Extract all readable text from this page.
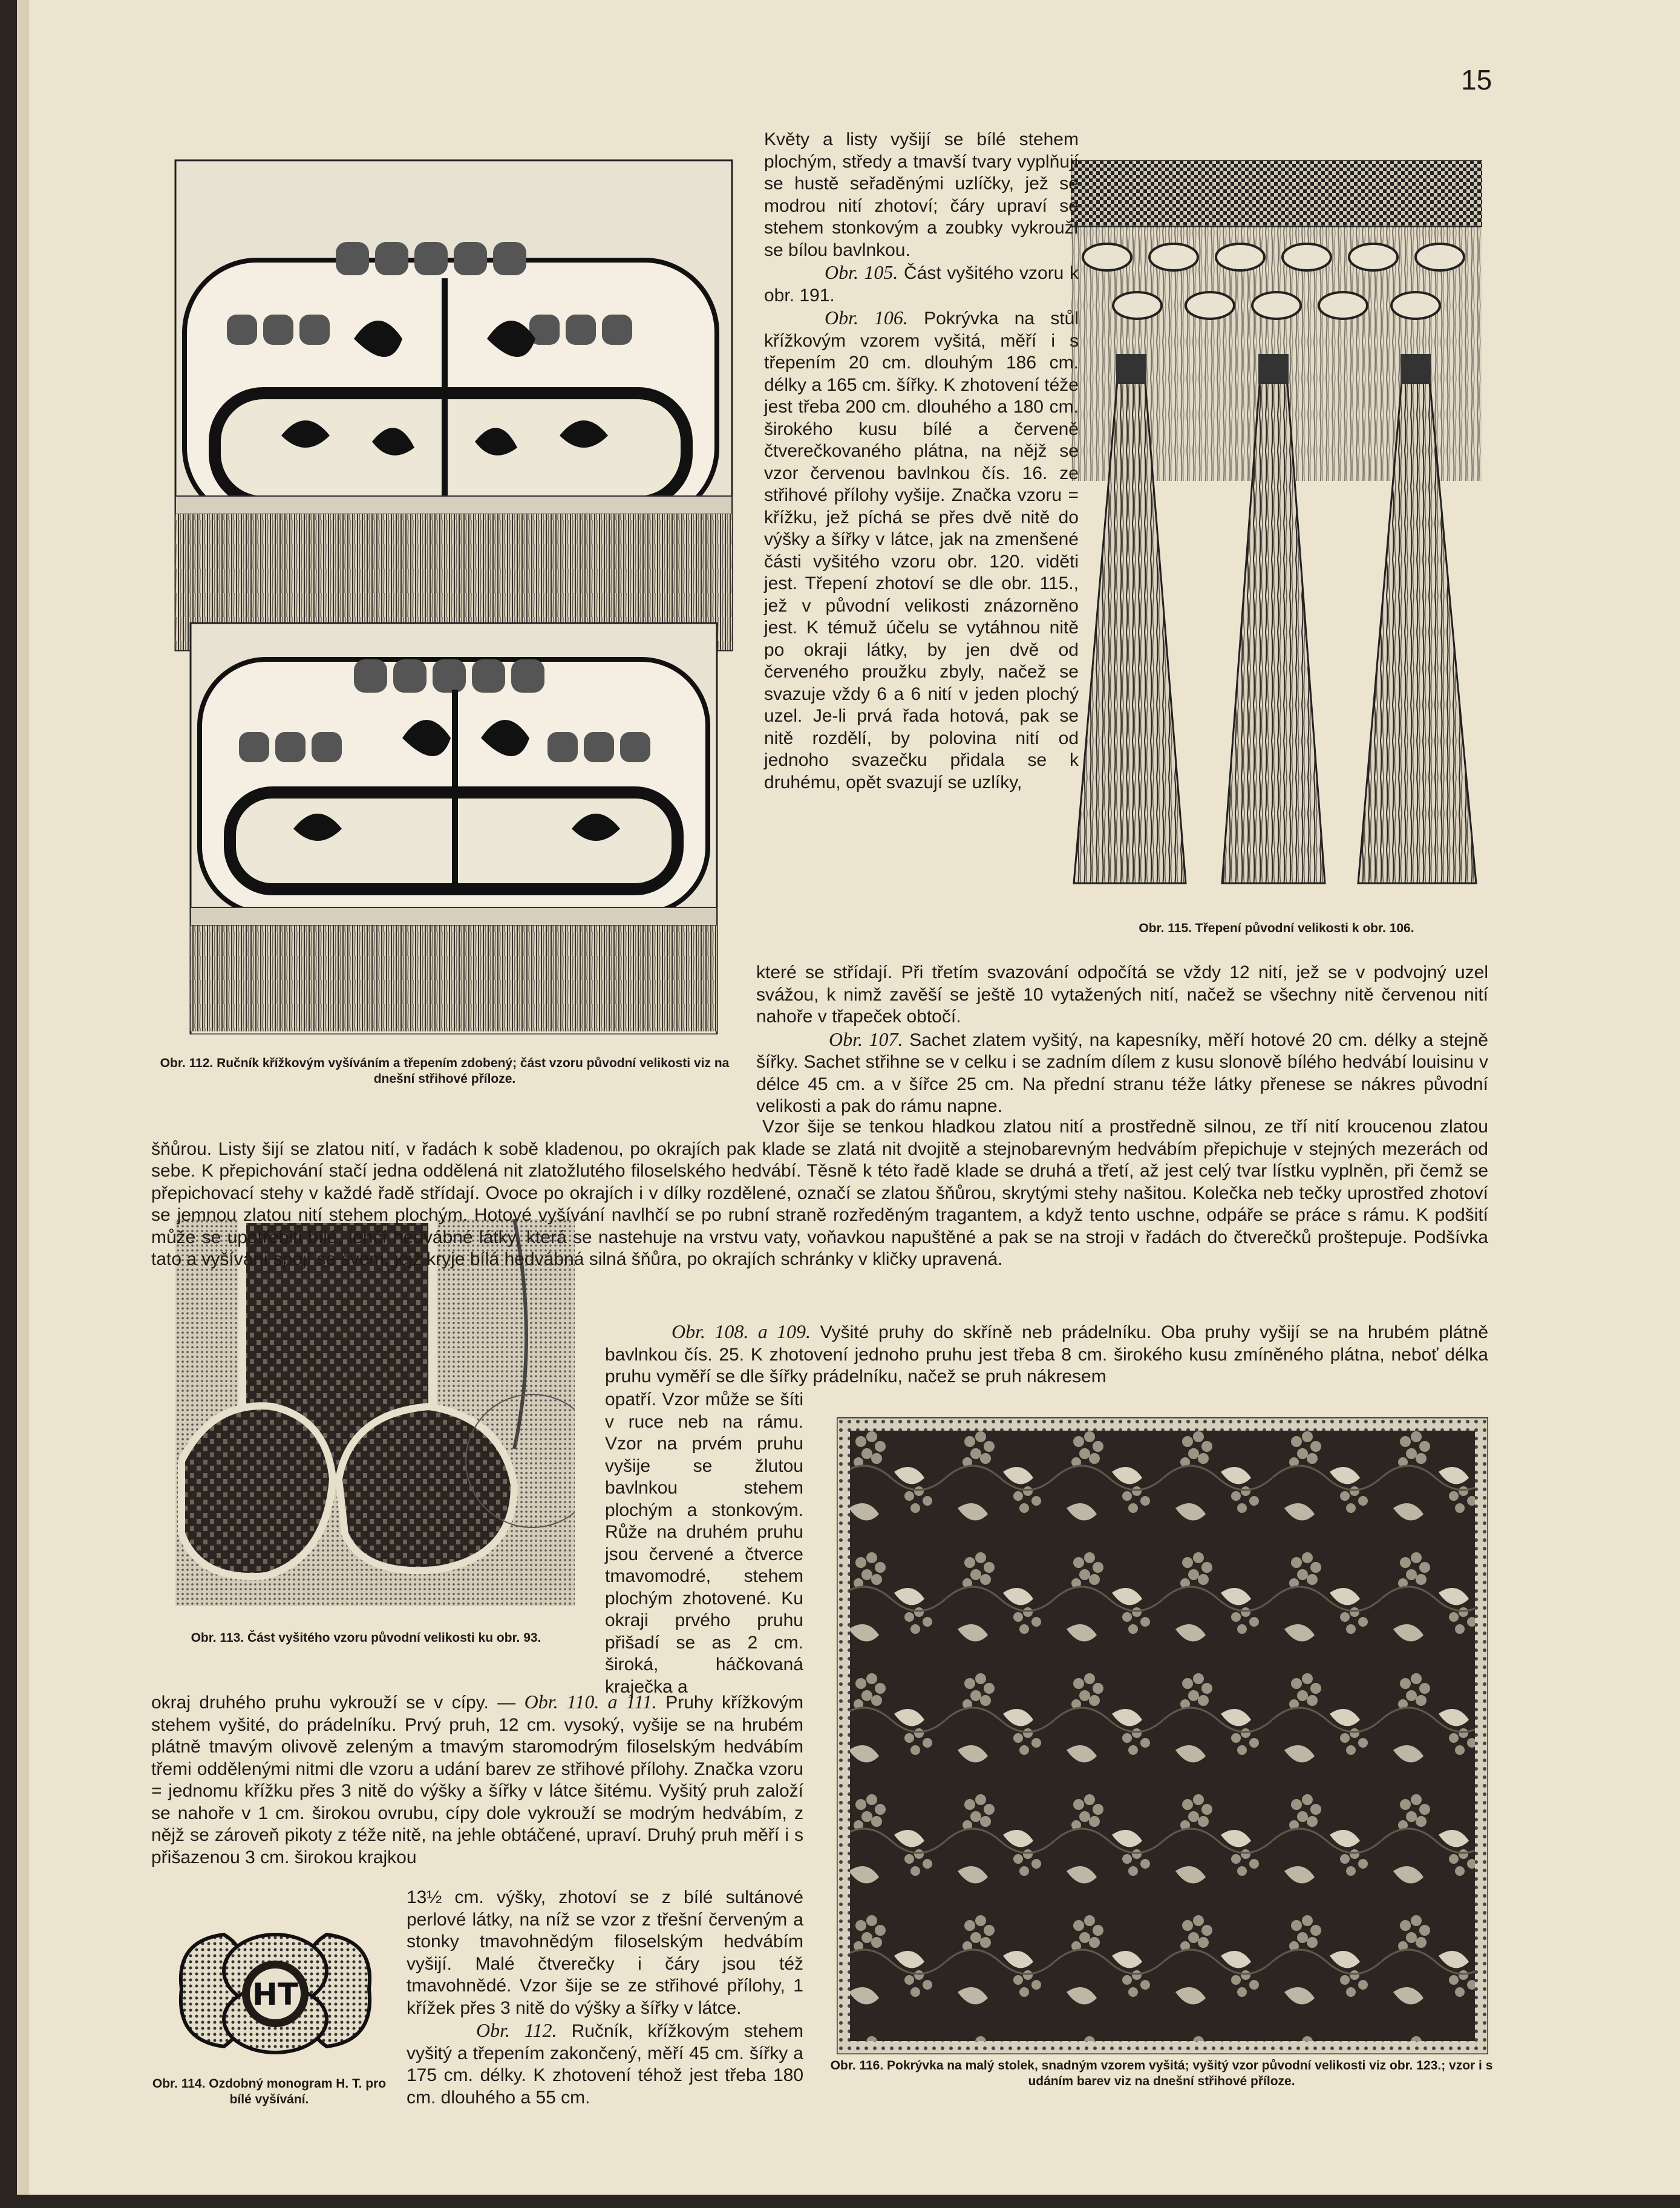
15
Obr. 112. Ručník křížkovým vyšíváním a třepením zdobený; část vzoru původní velikosti viz na dnešní střihové příloze.
Obr. 115. Třepení původní velikosti k obr. 106.
Obr. 113. Část vyšitého vzoru původní velikosti ku obr. 93.
HT
Obr. 114. Ozdobný monogram H. T. pro bílé vyšívání.
Obr. 116. Pokrývka na malý stolek, snadným vzorem vyšitá; vyšitý vzor původní velikosti viz obr. 123.; vzor i s udáním barev viz na dnešní střihové příloze.

Květy a listy vyšijí se bílé stehem plochým, středy a tmavší tvary vyplňují se hustě seřaděnými uzlíčky, jež se modrou nití zhotoví; čáry upraví se stehem stonkovým a zoubky vykrouží se bílou bavlnkou.

Obr. 105. Část vyšitého vzoru k obr. 191.

Obr. 106. Pokrývka na stůl křížkovým vzorem vyšitá, měří i s třepením 20 cm. dlouhým 186 cm. délky a 165 cm. šířky. K zhotovení téže jest třeba 200 cm. dlouhého a 180 cm. širokého kusu bílé a červeně čtverečkovaného plátna, na nějž se vzor červenou bavlnkou čís. 16. ze střihové přílohy vyšije. Značka vzoru = křížku, jež píchá se přes dvě nitě do výšky a šířky v látce, jak na zmenšené části vyšitého vzoru obr. 120. viděti jest. Třepení zhotoví se dle obr. 115., jež v původní velikosti znázorněno jest. K témuž účelu se vytáhnou nitě po okraji látky, by jen dvě od červeného proužku zbyly, načež se svazuje vždy 6 a 6 nití v jeden plochý uzel. Je-li prvá řada hotová, pak se nitě rozdělí, by polovina nití od jednoho svazečku přidala se k druhému, opět svazují se uzlíky,

které se střídají. Při třetím svazování odpočítá se vždy 12 nití, jež se v podvojný uzel svážou, k nimž zavěší se ještě 10 vytažených nití, načež se všechny nitě červenou nití nahoře v třapeček obtočí.

Obr. 107. Sachet zlatem vyšitý, na kapesníky, měří hotové 20 cm. délky a stejně šířky. Sachet střihne se v celku i se zadním dílem z kusu slonově bílého hedvábí louisinu v délce 45 cm. a v šířce 25 cm. Na přední stranu téže látky přenese se nákres původní velikosti a pak do rámu napne.

Vzor šije se tenkou hladkou zlatou nití a prostředně silnou, ze tří nití kroucenou zlatou šňůrou. Listy šijí se zlatou nití, v řadách k sobě kladenou, po okrajích pak klade se zlatá nit dvojitě a stejnobarevným hedvábím přepichuje v stejných mezerách od sebe. K přepichování stačí jedna oddělená nit zlatožlutého filoselského hedvábí. Těsně k této řadě klade se druhá a třetí, až jest celý tvar lístku vyplněn, při čemž se přepichovací stehy v každé řadě střídají. Ovoce po okrajích i v dílky rozdělené, označí se zlatou šňůrou, skrytými stehy našitou. Kolečka neb tečky uprostřed zhotoví se jemnou zlatou nití stehem plochým. Hotové vyšívání navlhčí se po rubní straně rozředěným tragantem, a když tento uschne, odpáře se práce s rámu. K podšití může se upotřebiti bílé, lehčí hedvábné látky, která se nastehuje na vrstvu vaty, voňavkou napuštěné a pak se na stroji v řadách do čtverečků proštepuje. Podšívka tato a vyšívání spojí se švem, jejž kryje bílá hedvábná silná šňůra, po okrajích schránky v kličky upravená.

Obr. 108. a 109. Vyšité pruhy do skříně neb prádelníku. Oba pruhy vyšijí se na hrubém plátně bavlnkou čís. 25. K zhotovení jednoho pruhu jest třeba 8 cm. širokého kusu zmíněného plátna, neboť délka pruhu vyměří se dle šířky prádelníku, načež se pruh nákresem

opatří. Vzor může se šíti v ruce neb na rámu. Vzor na prvém pruhu vyšije se žlutou bavlnkou stehem plochým a stonkovým. Růže na druhém pruhu jsou červené a čtverce tmavomodré, stehem plochým zhotovené. Ku okraji prvého pruhu přišadí se as 2 cm. široká, háčkovaná kraječka a

okraj druhého pruhu vykrouží se v cípy. — Obr. 110. a 111. Pruhy křížkovým stehem vyšité, do prádelníku. Prvý pruh, 12 cm. vysoký, vyšije se na hrubém plátně tmavým olivově zeleným a tmavým staromodrým filoselským hedvábím třemi oddělenými nitmi dle vzoru a udání barev ze střihové přílohy. Značka vzoru = jednomu křížku přes 3 nitě do výšky a šířky v látce šitému. Vyšitý pruh založí se nahoře v 1 cm. širokou ovrubu, cípy dole vykrouží se modrým hedvábím, z nějž se zároveň pikoty z téže nitě, na jehle obtáčené, upraví. Druhý pruh měří i s přišazenou 3 cm. širokou krajkou

13½ cm. výšky, zhotoví se z bílé sultánové perlové látky, na níž se vzor z třešní červeným a stonky tmavohnědým filoselským hedvábím vyšijí. Malé čtverečky i čáry jsou též tmavohnědé. Vzor šije se ze střihové přílohy, 1 křížek přes 3 nitě do výšky a šířky v látce.

Obr. 112. Ručník, křížkovým stehem vyšitý a třepením zakončený, měří 45 cm. šířky a 175 cm. délky. K zhotovení téhož jest třeba 180 cm. dlouhého a 55 cm.
